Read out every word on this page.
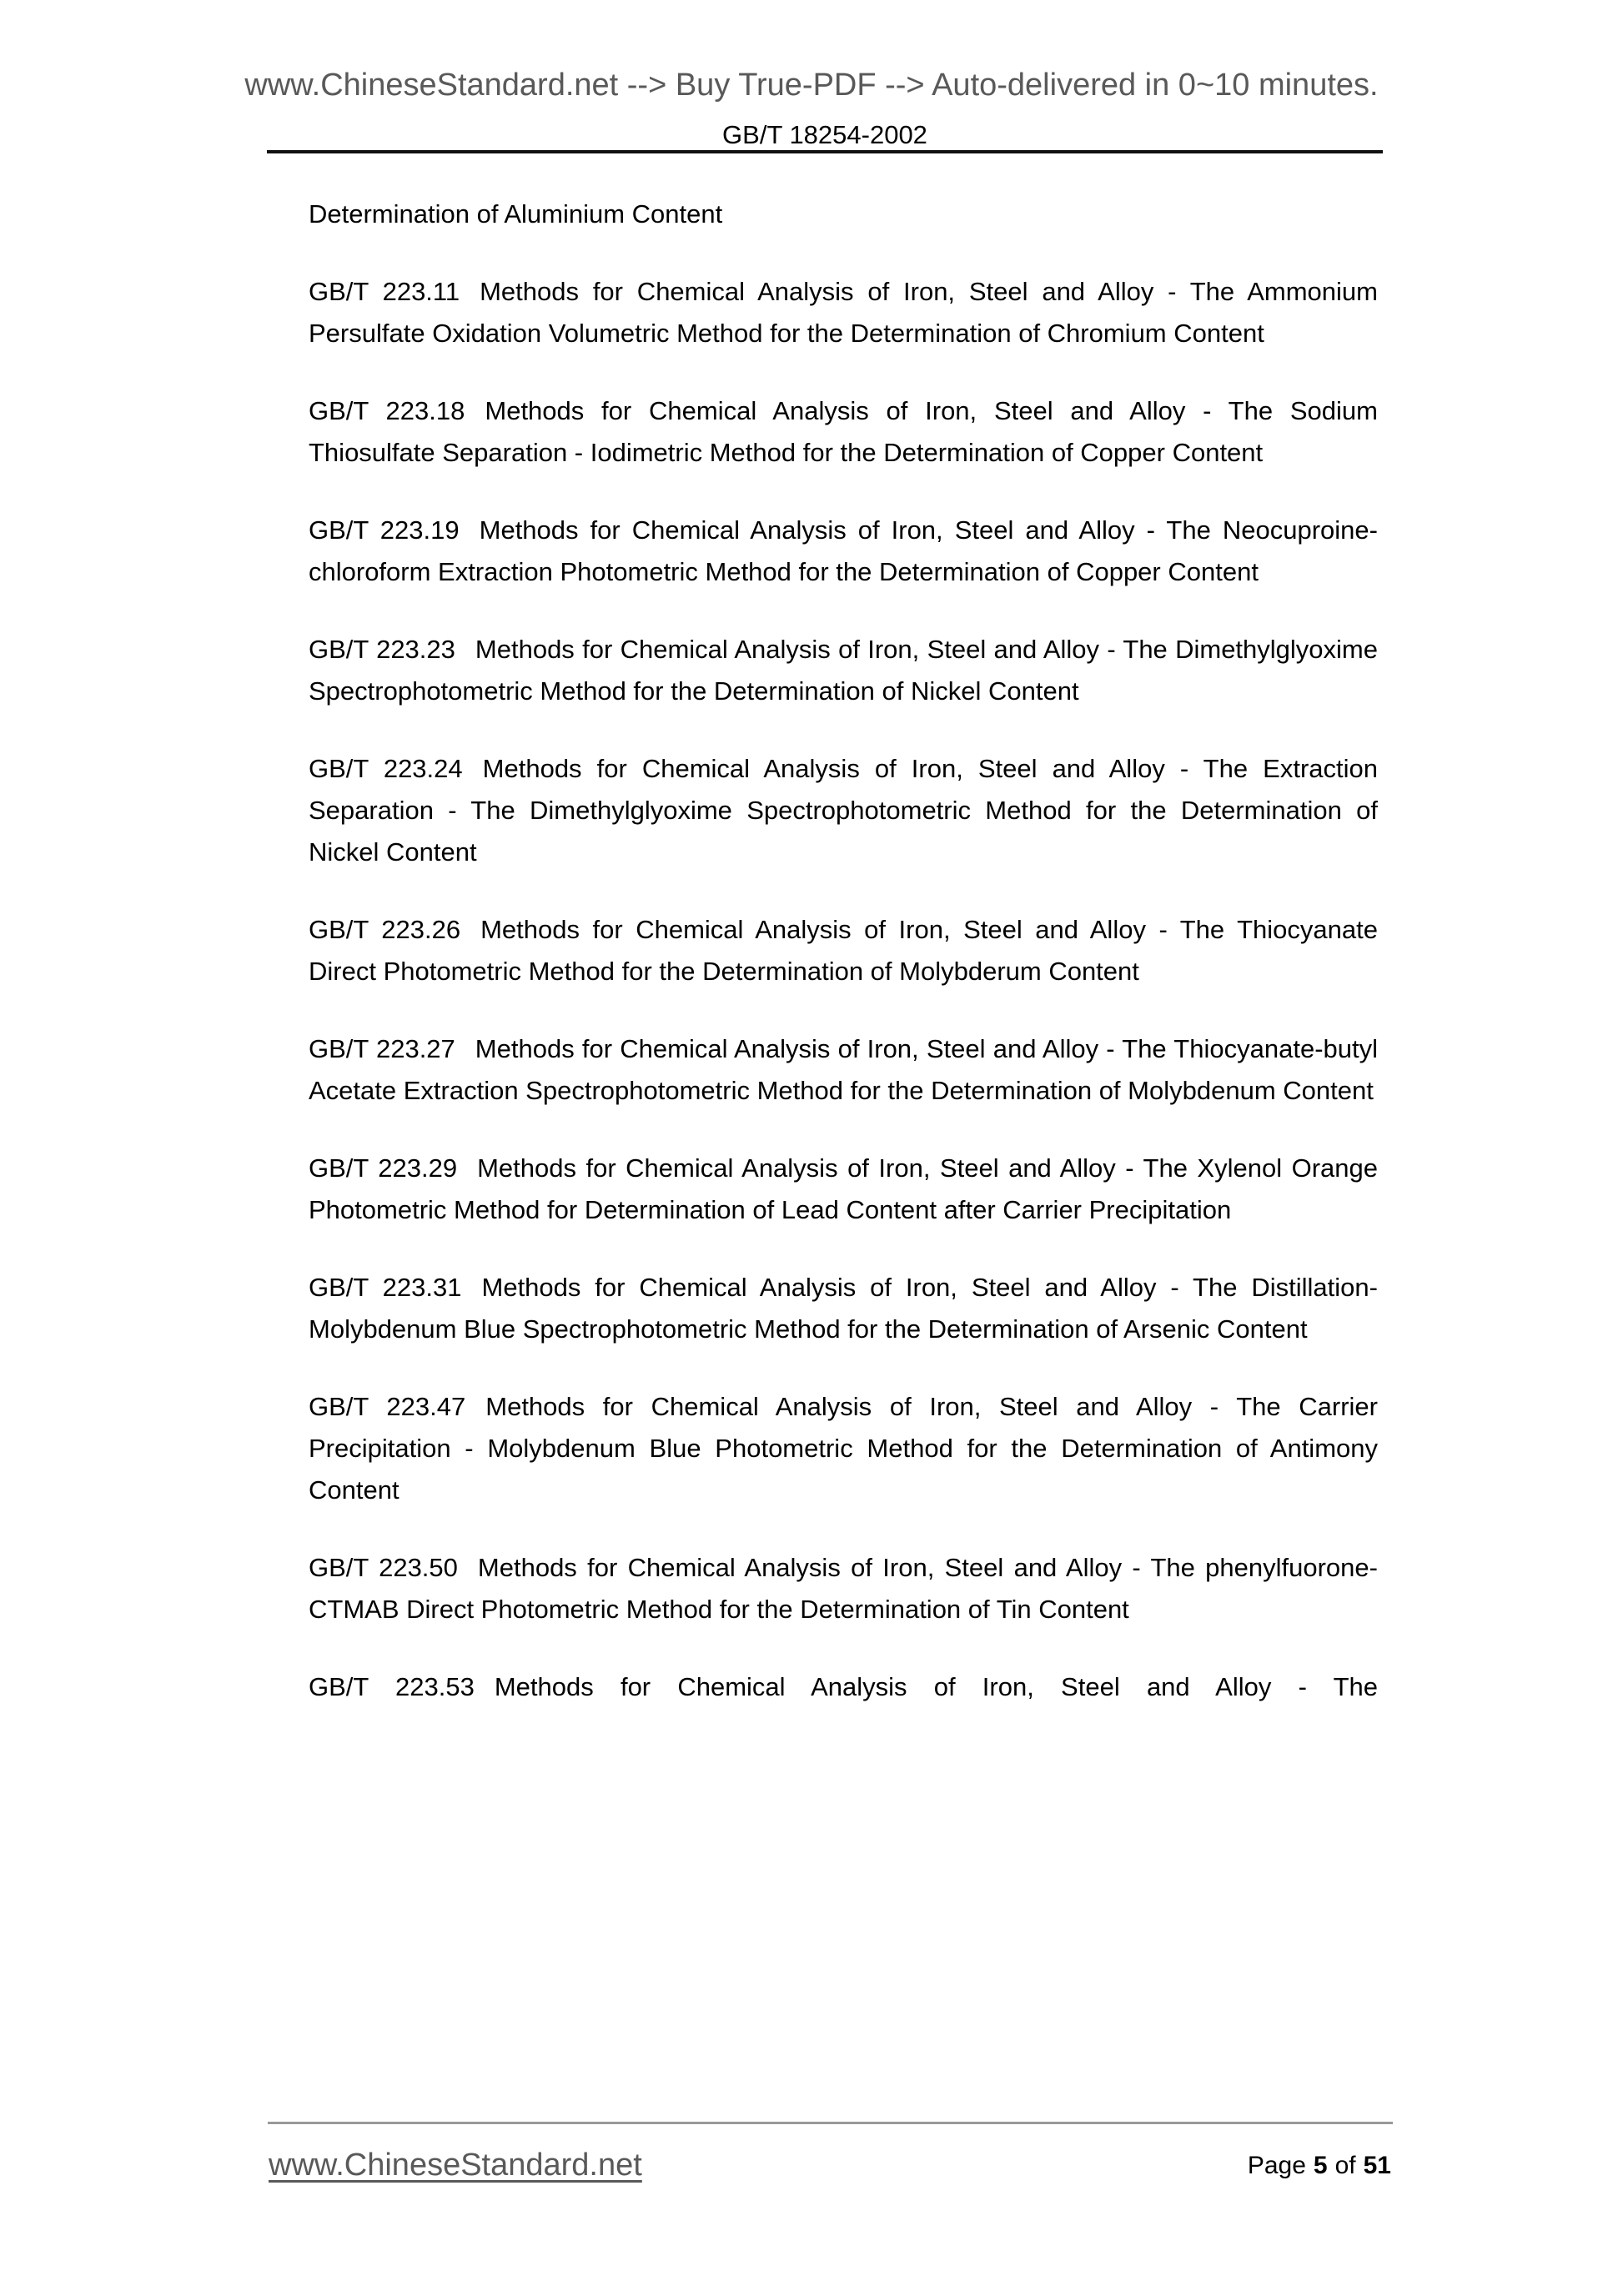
www.ChineseStandard.net --> Buy True-PDF --> Auto-delivered in 0~10 minutes.
GB/T 18254-2002

Determination of Aluminium Content

GB/T 223.11 Methods for Chemical Analysis of Iron, Steel and Alloy - The Ammonium Persulfate Oxidation Volumetric Method for the Determination of Chromium Content

GB/T 223.18 Methods for Chemical Analysis of Iron, Steel and Alloy - The Sodium Thiosulfate Separation - Iodimetric Method for the Determination of Copper Content

GB/T 223.19 Methods for Chemical Analysis of Iron, Steel and Alloy - The Neocuproine-chloroform Extraction Photometric Method for the Determination of Copper Content

GB/T 223.23 Methods for Chemical Analysis of Iron, Steel and Alloy - The Dimethylglyoxime Spectrophotometric Method for the Determination of Nickel Content

GB/T 223.24 Methods for Chemical Analysis of Iron, Steel and Alloy - The Extraction Separation - The Dimethylglyoxime Spectrophotometric Method for the Determination of Nickel Content

GB/T 223.26 Methods for Chemical Analysis of Iron, Steel and Alloy - The Thiocyanate Direct Photometric Method for the Determination of Molybderum Content

GB/T 223.27 Methods for Chemical Analysis of Iron, Steel and Alloy - The Thiocyanate-butyl Acetate Extraction Spectrophotometric Method for the Determination of Molybdenum Content

GB/T 223.29 Methods for Chemical Analysis of Iron, Steel and Alloy - The Xylenol Orange Photometric Method for Determination of Lead Content after Carrier Precipitation

GB/T 223.31 Methods for Chemical Analysis of Iron, Steel and Alloy - The Distillation-Molybdenum Blue Spectrophotometric Method for the Determination of Arsenic Content

GB/T 223.47 Methods for Chemical Analysis of Iron, Steel and Alloy - The Carrier Precipitation - Molybdenum Blue Photometric Method for the Determination of Antimony Content

GB/T 223.50 Methods for Chemical Analysis of Iron, Steel and Alloy - The phenylfuorone-CTMAB Direct Photometric Method for the Determination of Tin Content

GB/T 223.53 Methods for Chemical Analysis of Iron, Steel and Alloy - The

www.ChineseStandard.net	Page 5 of 51
